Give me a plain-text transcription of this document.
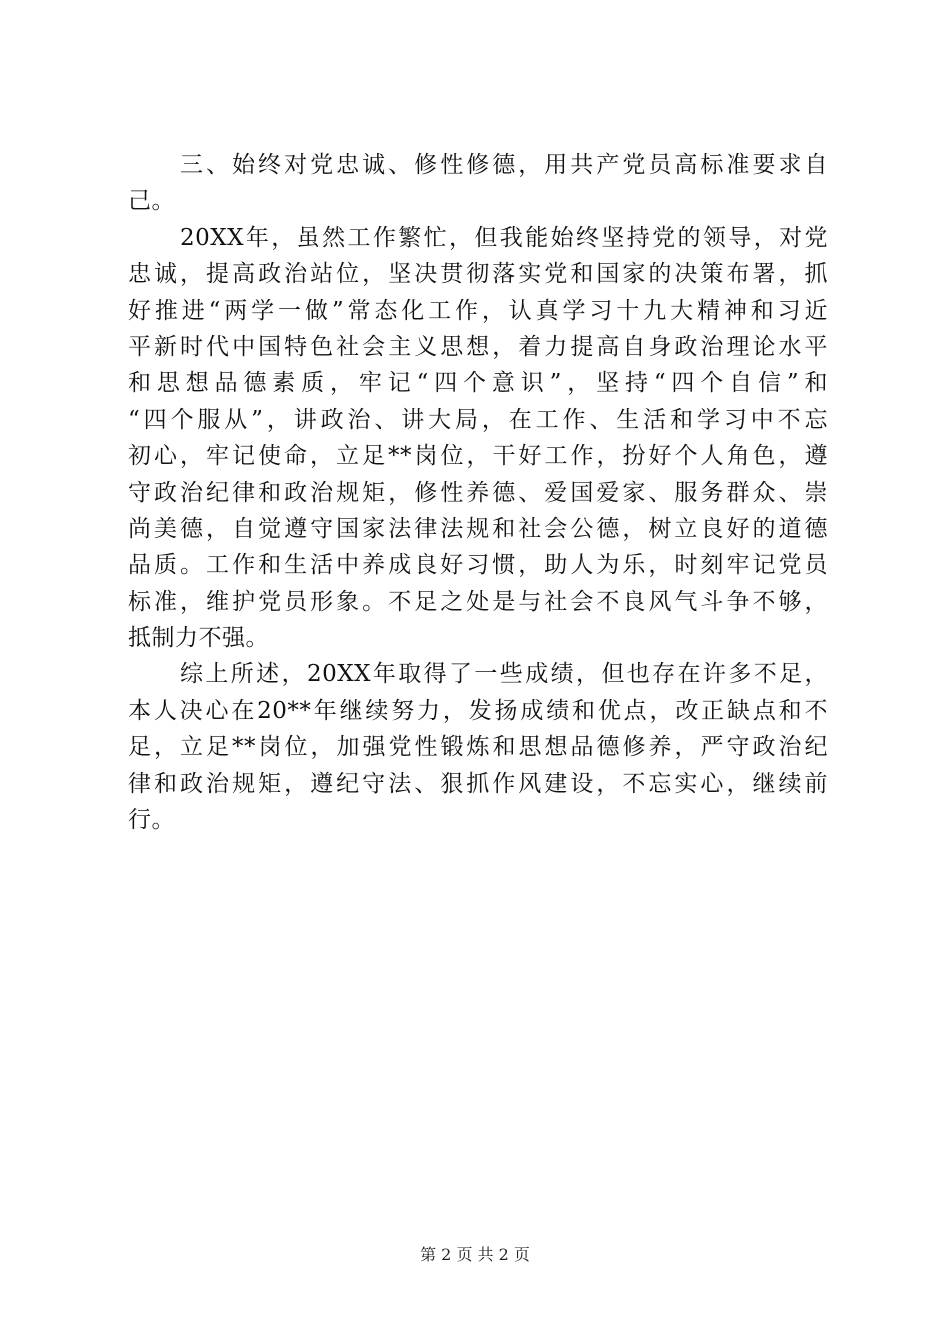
三、始终对党忠诚、修性修德，用共产党员高标准要求自
己。
20XX年，虽然工作繁忙，但我能始终坚持党的领导，对党
忠诚，提高政治站位，坚决贯彻落实党和国家的决策布署，抓
好推进“两学一做”常态化工作，认真学习十九大精神和习近
平新时代中国特色社会主义思想，着力提高自身政治理论水平
和思想品德素质，牢记“四个意识”，坚持“四个自信”和
“四个服从”，讲政治、讲大局，在工作、生活和学习中不忘
初心，牢记使命，立足**岗位，干好工作，扮好个人角色，遵
守政治纪律和政治规矩，修性养德、爱国爱家、服务群众、崇
尚美德，自觉遵守国家法律法规和社会公德，树立良好的道德
品质。工作和生活中养成良好习惯，助人为乐，时刻牢记党员
标准，维护党员形象。不足之处是与社会不良风气斗争不够，
抵制力不强。
综上所述，20XX年取得了一些成绩，但也存在许多不足，
本人决心在20**年继续努力，发扬成绩和优点，改正缺点和不
足，立足**岗位，加强党性锻炼和思想品德修养，严守政治纪
律和政治规矩，遵纪守法、狠抓作风建设，不忘实心，继续前
行。
第 2 页 共 2 页
